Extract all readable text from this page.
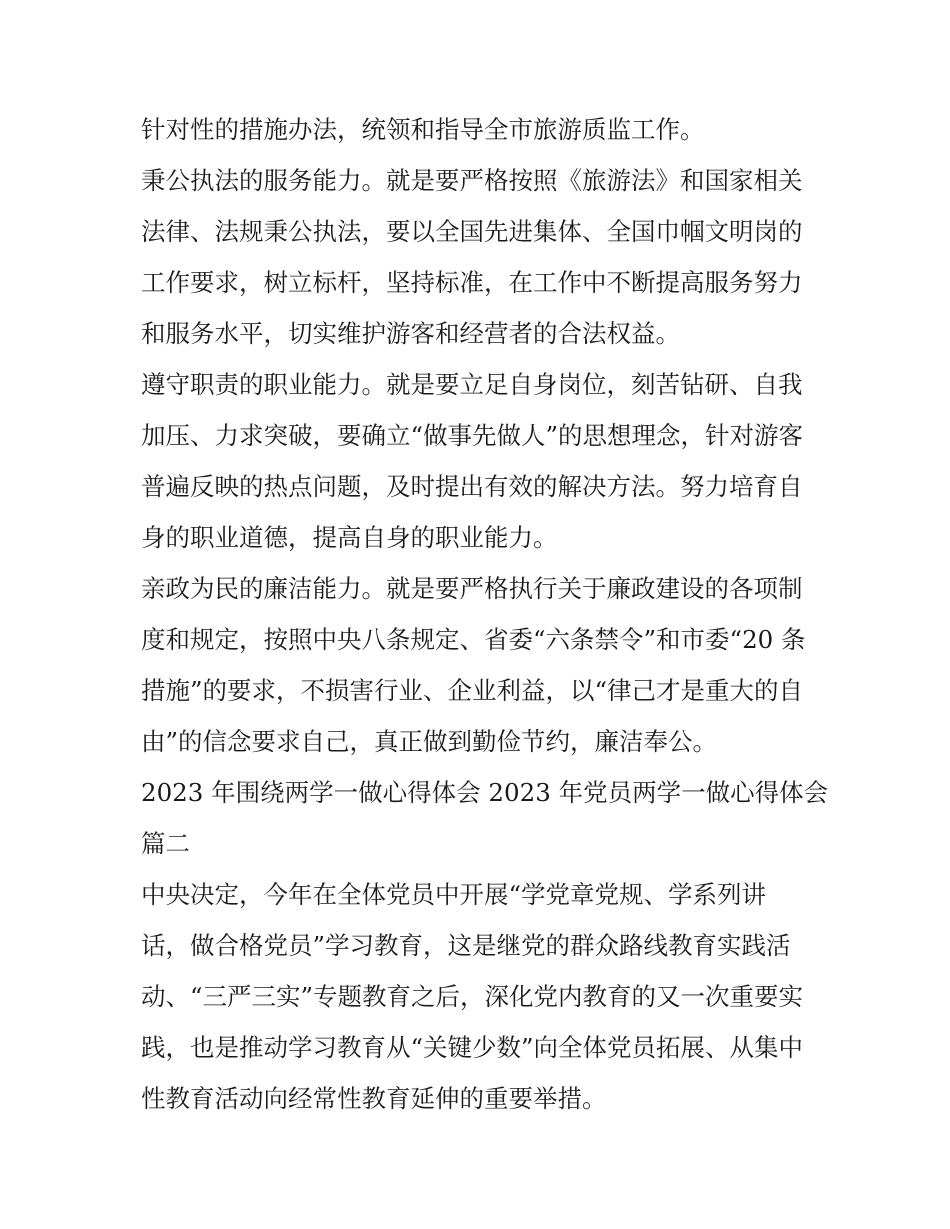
针对性的措施办法，统领和指导全市旅游质监工作。
秉公执法的服务能力。就是要严格按照《旅游法》和国家相关
法律、法规秉公执法，要以全国先进集体、全国巾帼文明岗的
工作要求，树立标杆，坚持标准，在工作中不断提高服务努力
和服务水平，切实维护游客和经营者的合法权益。
遵守职责的职业能力。就是要立足自身岗位，刻苦钻研、自我
加压、力求突破，要确立“做事先做人”的思想理念，针对游客
普遍反映的热点问题，及时提出有效的解决方法。努力培育自
身的职业道德，提高自身的职业能力。
亲政为民的廉洁能力。就是要严格执行关于廉政建设的各项制
度和规定，按照中央八条规定、省委“六条禁令”和市委“20 条
措施”的要求，不损害行业、企业利益，以“律己才是重大的自
由”的信念要求自己，真正做到勤俭节约，廉洁奉公。
2023 年围绕两学一做心得体会 2023 年党员两学一做心得体会
篇二
中央决定，今年在全体党员中开展“学党章党规、学系列讲
话，做合格党员”学习教育，这是继党的群众路线教育实践活
动、“三严三实”专题教育之后，深化党内教育的又一次重要实
践，也是推动学习教育从“关键少数”向全体党员拓展、从集中
性教育活动向经常性教育延伸的重要举措。
